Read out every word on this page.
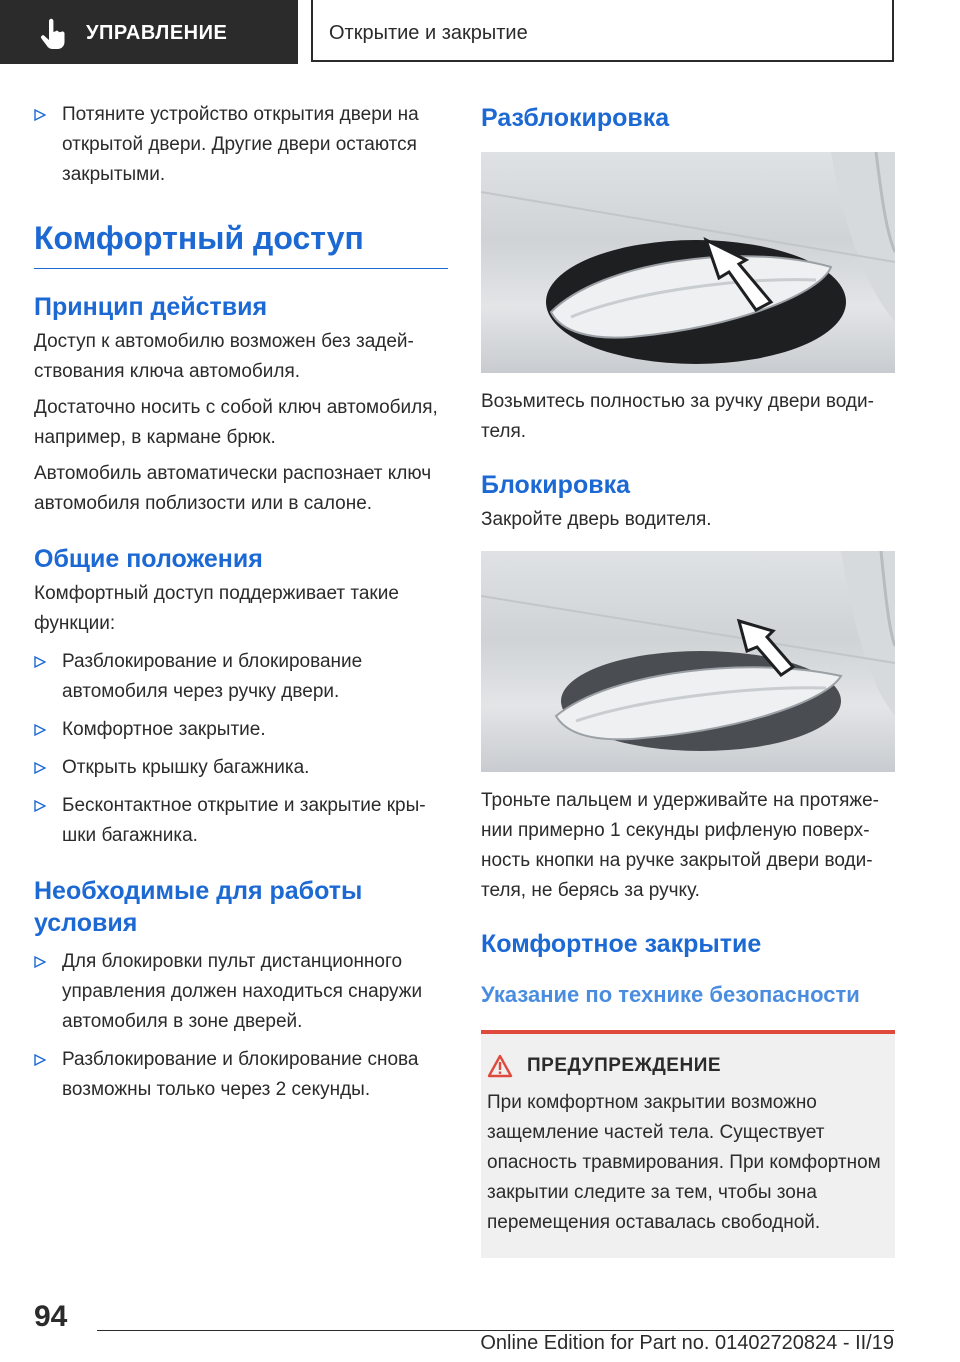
УПРАВЛЕНИЕ	Открытие и закрытие
Потяните устройство открытия двери на открытой двери. Другие двери остаются закрытыми.
Комфортный доступ
Принцип действия

Доступ к автомобилю возможен без задействования ключа автомобиля.

Достаточно носить с собой ключ автомобиля, например, в кармане брюк.

Автомобиль автоматически распознает ключ автомобиля поблизости или в салоне.

Общие положения

Комфортный доступ поддерживает такие функции:

Разблокирование и блокирование автомобиля через ручку двери.
Комфортное закрытие.
Открыть крышку багажника.
Бесконтактное открытие и закрытие крышки багажника.
Необходимые для работы условия
Для блокировки пульт дистанционного управления должен находиться снаружи автомобиля в зоне дверей.
Разблокирование и блокирование снова возможны только через 2 секунды.
Разблокировка

Возьмитесь полностью за ручку двери водителя.

Блокировка

Закройте дверь водителя.

Троньте пальцем и удерживайте на протяжении примерно 1 секунды рифленую поверхность кнопки на ручке закрытой двери водителя, не берясь за ручку.

Комфортное закрытие
Указание по технике безопасности
ПРЕДУПРЕЖДЕНИЕ

При комфортном закрытии возможно защемление частей тела. Существует опасность травмирования. При комфортном закрытии следите за тем, чтобы зона перемещения оставалась свободной.

94
Online Edition for Part no. 01402720824 - II/19
